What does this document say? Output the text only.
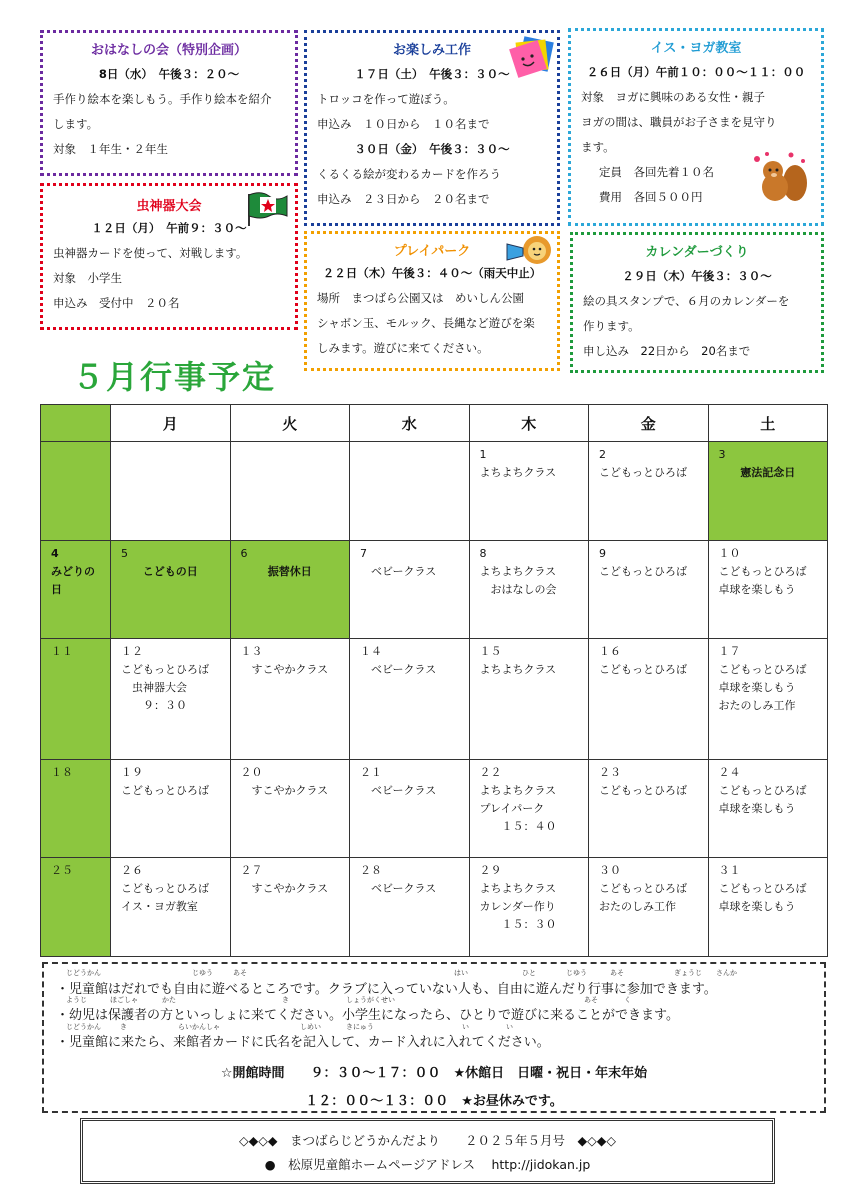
おはなしの会（特別企画）
8日（水）　午後３：２０～
手作り絵本を楽しもう。手作り絵本を紹介
します。
対象　１年生・２年生
虫神器大会
１２日（月）　午前９：３０～
虫神器カードを使って、対戦します。
対象　小学生
申込み　受付中　２０名
お楽しみ工作
１７日（土）　午後３：３０～
トロッコを作って遊ぼう。
申込み　１０日から　１０名まで
３０日（金）　午後３：３０～
くるくる絵が変わるカードを作ろう
申込み　２３日から　２０名まで
プレイパーク
２２日（木）午後３：４０～（雨天中止）
場所　まつばら公園又は　めいしん公園
シャボン玉、モルック、長縄など遊びを楽
しみます。遊びに来てください。
イス・ヨガ教室
２６日（月）午前１０：００～１１：００
対象　ヨガに興味のある女性・親子
ヨガの間は、職員がお子さまを見守り
ます。
定員　各回先着１０名
費用　各回５００円
カレンダーづくり
２９日（木）午後３：３０～
絵の具スタンプで、６月のカレンダーを
作ります。
申し込み　22日から　20名まで
５月行事予定
	月	火	水	木	金	土

				1
よちよちクラス	2
こどもっとひろば	3
憲法記念日

4
みどりの
日	5
こどもの日	6
振替休日	7
　ベビークラス	8
よちよちクラス
　おはなしの会	9
こどもっとひろば	１０
こどもっとひろば
卓球を楽しもう

１１	１２
こどもっとひろば
　虫神器大会
　　９：３０	１３
　すこやかクラス	１４
　ベビークラス	１５
よちよちクラス	１６
こどもっとひろば	１７
こどもっとひろば
卓球を楽しもう
おたのしみ工作

１８	１９
こどもっとひろば	２０
　すこやかクラス	２１
　ベビークラス	２２
よちよちクラス
プレイパーク
　　１５：４０	２３
こどもっとひろば	２４
こどもっとひろば
卓球を楽しもう

２５	２６
こどもっとひろば
イス・ヨガ教室	２７
　すこやかクラス	２８
　ベビークラス	２９
よちよちクラス
カレンダー作り
　　１５：３０	３０
こどもっとひろば
おたのしみ工作	３１
こどもっとひろば
卓球を楽しもう
・児童館はだれでも自由に遊べるところです。クラブに入っていない人も、自由に遊んだり行事に参加できます。
・幼児は保護者の方といっしょに来てください。小学生になったら、ひとりで遊びに来ることができます。
・児童館に来たら、来館者カードに氏名を記入して、カード入れに入れてください。
じどうかん	じゆう	あそ	はい	ひと	じゆう	あそ	ぎょうじ さんか
ようじ	ほごしゃ	かた	き	しょうがくせい	あそ	く
じどうかん	き	らいかんしゃ	しめい	きにゅう	い	い
☆開館時間　　９：３０～１７：００　★休館日　日曜・祝日・年末年始
１２：００～１３：００　★お昼休みです。
◇◆◇◆　まつばらじどうかんだより　　２０２５年５月号　◆◇◆◇
●　松原児童館ホームページアドレス　 http://jidokan.jp
